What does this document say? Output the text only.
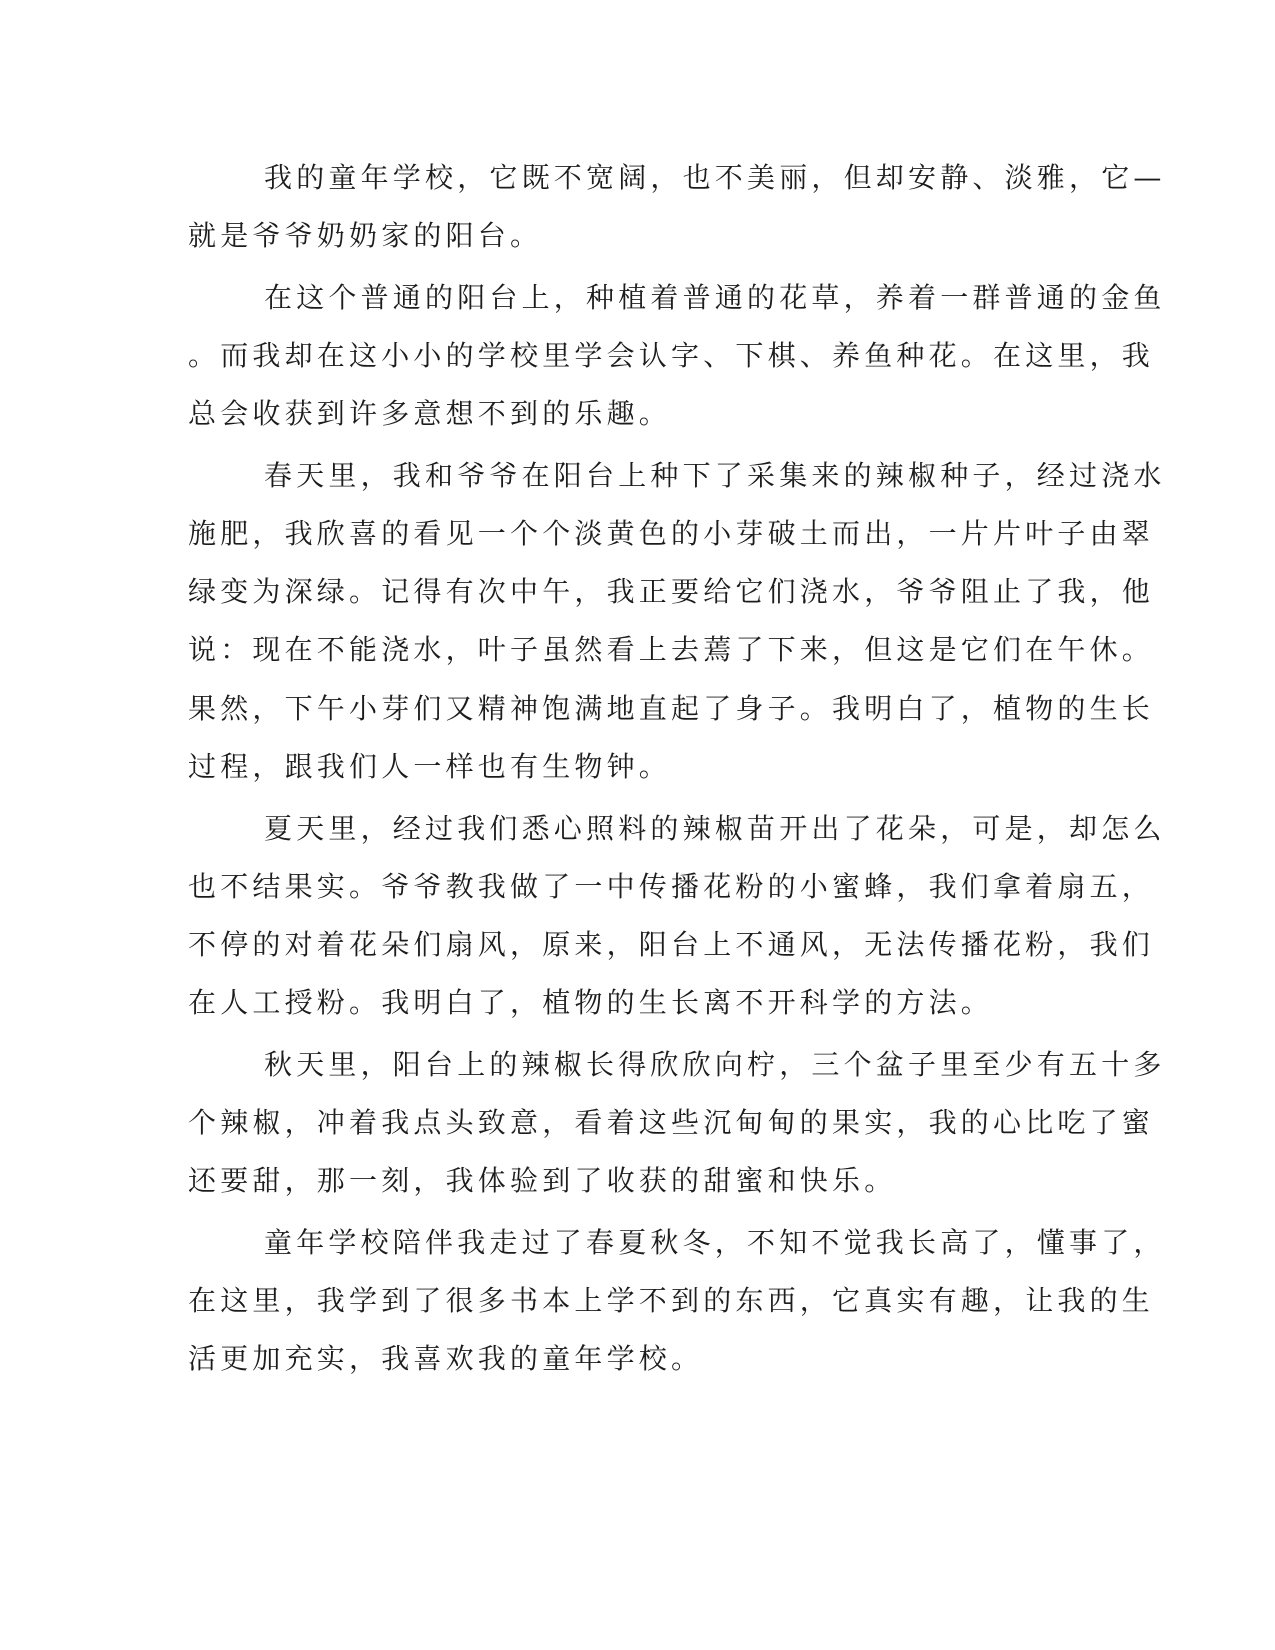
我的童年学校，它既不宽阔，也不美丽，但却安静、淡雅，它—
就是爷爷奶奶家的阳台。
在这个普通的阳台上，种植着普通的花草，养着一群普通的金鱼
。而我却在这小小的学校里学会认字、下棋、养鱼种花。在这里，我
总会收获到许多意想不到的乐趣。
春天里，我和爷爷在阳台上种下了采集来的辣椒种子，经过浇水
施肥，我欣喜的看见一个个淡黄色的小芽破土而出，一片片叶子由翠
绿变为深绿。记得有次中午，我正要给它们浇水，爷爷阻止了我，他
说：现在不能浇水，叶子虽然看上去蔫了下来，但这是它们在午休。
果然，下午小芽们又精神饱满地直起了身子。我明白了，植物的生长
过程，跟我们人一样也有生物钟。
夏天里，经过我们悉心照料的辣椒苗开出了花朵，可是，却怎么
也不结果实。爷爷教我做了一中传播花粉的小蜜蜂，我们拿着扇五，
不停的对着花朵们扇风，原来，阳台上不通风，无法传播花粉，我们
在人工授粉。我明白了，植物的生长离不开科学的方法。
秋天里，阳台上的辣椒长得欣欣向柠，三个盆子里至少有五十多
个辣椒，冲着我点头致意，看着这些沉甸甸的果实，我的心比吃了蜜
还要甜，那一刻，我体验到了收获的甜蜜和快乐。
童年学校陪伴我走过了春夏秋冬，不知不觉我长高了，懂事了，
在这里，我学到了很多书本上学不到的东西，它真实有趣，让我的生
活更加充实，我喜欢我的童年学校。
